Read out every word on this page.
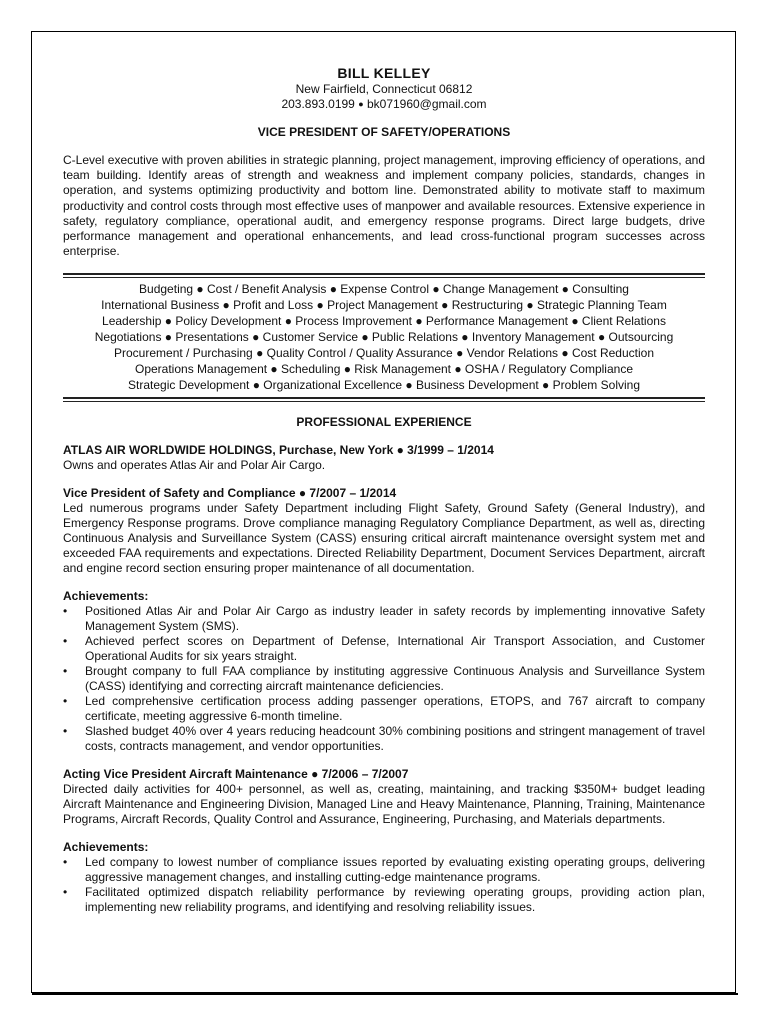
BILL KELLEY
New Fairfield, Connecticut 06812
203.893.0199 ● bk071960@gmail.com
VICE PRESIDENT OF SAFETY/OPERATIONS
C-Level executive with proven abilities in strategic planning, project management, improving efficiency of operations, and team building. Identify areas of strength and weakness and implement company policies, standards, changes in operation, and systems optimizing productivity and bottom line. Demonstrated ability to motivate staff to maximum productivity and control costs through most effective uses of manpower and available resources. Extensive experience in safety, regulatory compliance, operational audit, and emergency response programs. Direct large budgets, drive performance management and operational enhancements, and lead cross-functional program successes across enterprise.
Budgeting ● Cost / Benefit Analysis ● Expense Control ● Change Management ● Consulting
International Business ● Profit and Loss ● Project Management ● Restructuring ● Strategic Planning Team
Leadership ● Policy Development ● Process Improvement ● Performance Management ● Client Relations
Negotiations ● Presentations ● Customer Service ● Public Relations ● Inventory Management ● Outsourcing
Procurement / Purchasing ● Quality Control / Quality Assurance ● Vendor Relations ● Cost Reduction
Operations Management ● Scheduling ● Risk Management ● OSHA / Regulatory Compliance
Strategic Development ● Organizational Excellence ● Business Development ● Problem Solving
PROFESSIONAL EXPERIENCE
ATLAS AIR WORLDWIDE HOLDINGS, Purchase, New York ● 3/1999 – 1/2014
Owns and operates Atlas Air and Polar Air Cargo.
Vice President of Safety and Compliance ● 7/2007 – 1/2014
Led numerous programs under Safety Department including Flight Safety, Ground Safety (General Industry), and Emergency Response programs. Drove compliance managing Regulatory Compliance Department, as well as, directing Continuous Analysis and Surveillance System (CASS) ensuring critical aircraft maintenance oversight system met and exceeded FAA requirements and expectations. Directed Reliability Department, Document Services Department, aircraft and engine record section ensuring proper maintenance of all documentation.
Achievements:
• Positioned Atlas Air and Polar Air Cargo as industry leader in safety records by implementing innovative Safety Management System (SMS).
• Achieved perfect scores on Department of Defense, International Air Transport Association, and Customer Operational Audits for six years straight.
• Brought company to full FAA compliance by instituting aggressive Continuous Analysis and Surveillance System (CASS) identifying and correcting aircraft maintenance deficiencies.
• Led comprehensive certification process adding passenger operations, ETOPS, and 767 aircraft to company certificate, meeting aggressive 6-month timeline.
• Slashed budget 40% over 4 years reducing headcount 30% combining positions and stringent management of travel costs, contracts management, and vendor opportunities.
Acting Vice President Aircraft Maintenance ● 7/2006 – 7/2007
Directed daily activities for 400+ personnel, as well as, creating, maintaining, and tracking $350M+ budget leading Aircraft Maintenance and Engineering Division, Managed Line and Heavy Maintenance, Planning, Training, Maintenance Programs, Aircraft Records, Quality Control and Assurance, Engineering, Purchasing, and Materials departments.
Achievements:
• Led company to lowest number of compliance issues reported by evaluating existing operating groups, delivering aggressive management changes, and installing cutting-edge maintenance programs.
• Facilitated optimized dispatch reliability performance by reviewing operating groups, providing action plan, implementing new reliability programs, and identifying and resolving reliability issues.
